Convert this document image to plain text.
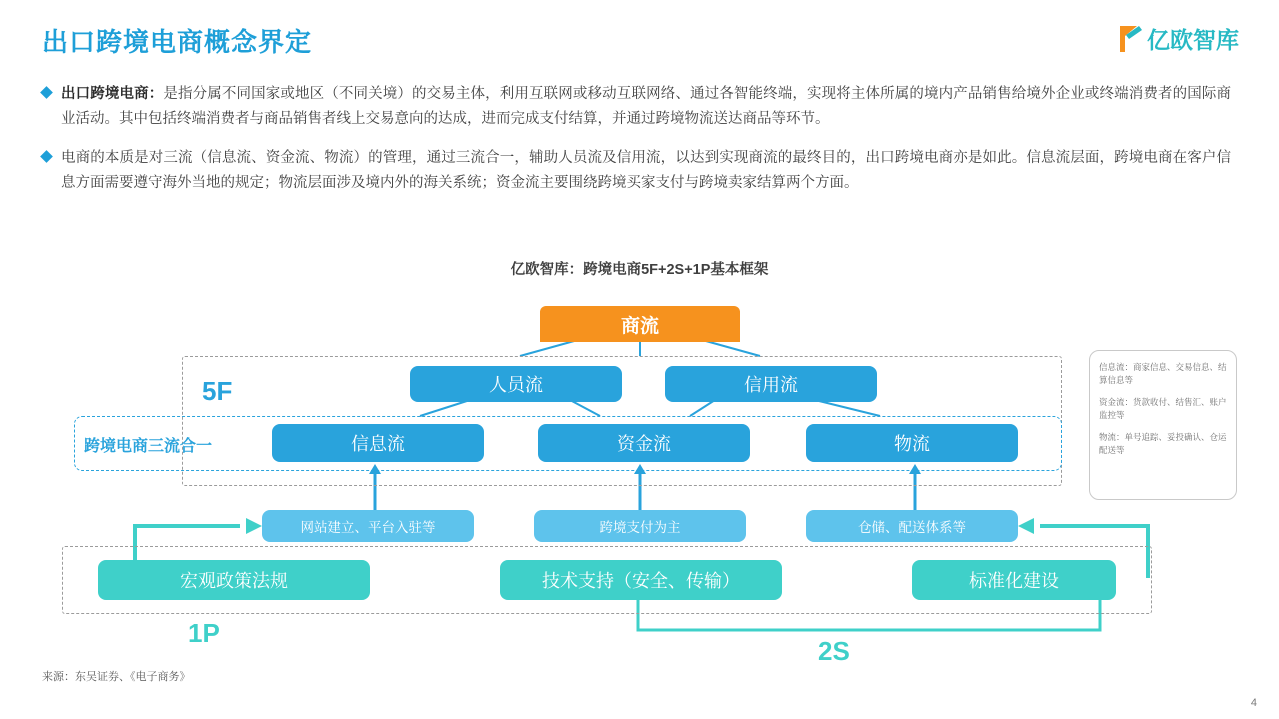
出口跨境电商概念界定	亿欧智库
出口跨境电商：是指分属不同国家或地区（不同关境）的交易主体，利用互联网或移动互联网络、通过各智能终端，实现将主体所属的境内产品销售给境外企业或终端消费者的国际商业活动。其中包括终端消费者与商品销售者线上交易意向的达成，进而完成支付结算，并通过跨境物流送达商品等环节。
电商的本质是对三流（信息流、资金流、物流）的管理，通过三流合一，辅助人员流及信用流，以达到实现商流的最终目的，出口跨境电商亦是如此。信息流层面，跨境电商在客户信息方面需要遵守海外当地的规定；物流层面涉及境内外的海关系统；资金流主要围绕跨境买家支付与跨境卖家结算两个方面。
亿欧智库：跨境电商5F+2S+1P基本框架
5F
跨境电商三流合一
商流
人员流	信用流
信息流	资金流	物流
网站建立、平台入驻等	跨境支付为主	仓储、配送体系等
宏观政策法规	技术支持（安全、传输）	标准化建设
1P
2S
信息流：商家信息、交易信息、结算信息等
资金流：货款收付、结售汇、账户监控等
物流：单号追踪、妥投确认、仓运配送等
来源：东吴证券、《电子商务》
4
